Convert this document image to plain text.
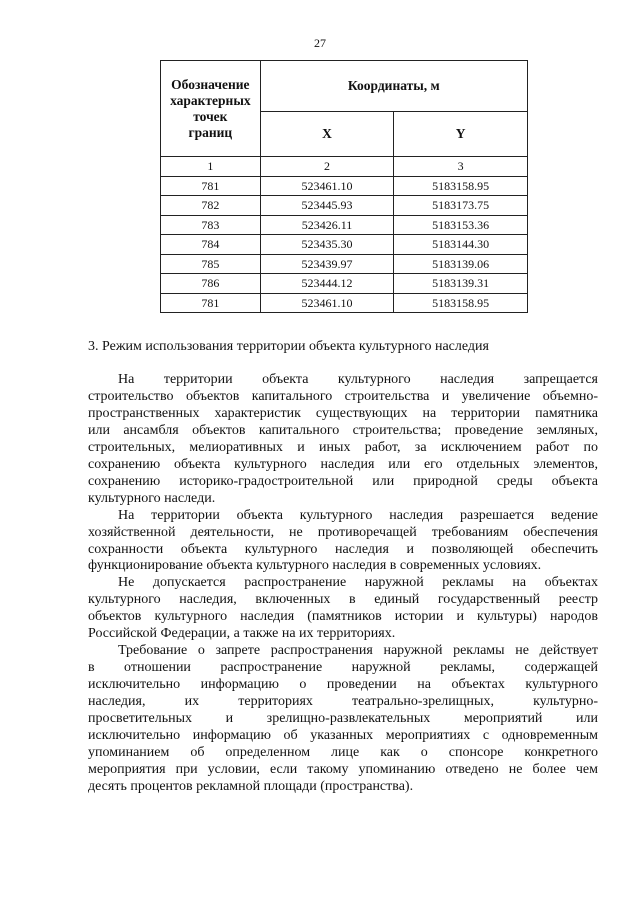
27
Обозначение
характерных
точек
границ	Координаты, м	
	X	Y
1	2	3
781	523461.10	5183158.95
782	523445.93	5183173.75
783	523426.11	5183153.36
784	523435.30	5183144.30
785	523439.97	5183139.06
786	523444.12	5183139.31
781	523461.10	5183158.95
3. Режим использования территории объекта культурного наследия

На территории объекта культурного наследия запрещается
строительство объектов капитального строительства и увеличение объемно-
пространственных характеристик существующих на территории памятника
или ансамбля объектов капитального строительства; проведение земляных,
строительных, мелиоративных и иных работ, за исключением работ по
сохранению объекта культурного наследия или его отдельных элементов,
сохранению историко-градостроительной или природной среды объекта
культурного наследи.

На территории объекта культурного наследия разрешается ведение
хозяйственной деятельности, не противоречащей требованиям обеспечения
сохранности объекта культурного наследия и позволяющей обеспечить
функционирование объекта культурного наследия в современных условиях.

Не допускается распространение наружной рекламы на объектах
культурного наследия, включенных в единый государственный реестр
объектов культурного наследия (памятников истории и культуры) народов
Российской Федерации, а также на их территориях.

Требование о запрете распространения наружной рекламы не действует
в отношении распространение наружной рекламы, содержащей
исключительно информацию о проведении на объектах культурного
наследия, их территориях театрально-зрелищных, культурно-
просветительных и зрелищно-развлекательных мероприятий или
исключительно информацию об указанных мероприятиях с одновременным
упоминанием об определенном лице как о спонсоре конкретного
мероприятия при условии, если такому упоминанию отведено не более чем
десять процентов рекламной площади (пространства).
